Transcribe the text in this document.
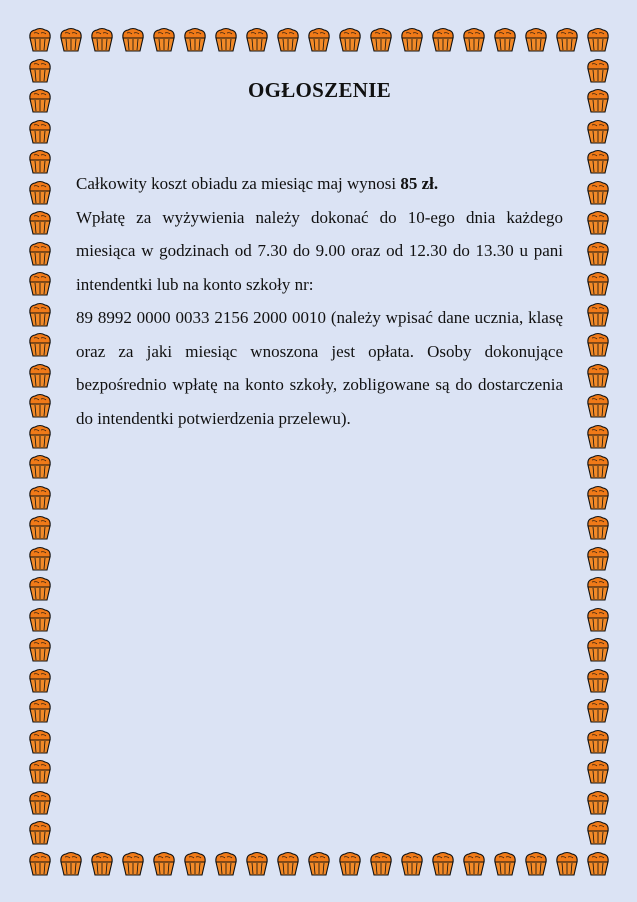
OGŁOSZENIE

Całkowity koszt obiadu za miesiąc maj wynosi 85 zł.

Wpłatę za wyżywienia należy dokonać do 10-ego dnia każdego miesiąca w godzinach od 7.30 do 9.00 oraz od 12.30 do 13.30 u pani intendentki lub na konto szkoły nr:

89 8992 0000 0033 2156 2000 0010 (należy wpisać dane ucznia, klasę oraz za jaki miesiąc wnoszona jest opłata. Osoby dokonujące bezpośrednio wpłatę na konto szkoły, zobligowane są do dostarczenia do intendentki potwierdzenia przelewu).
